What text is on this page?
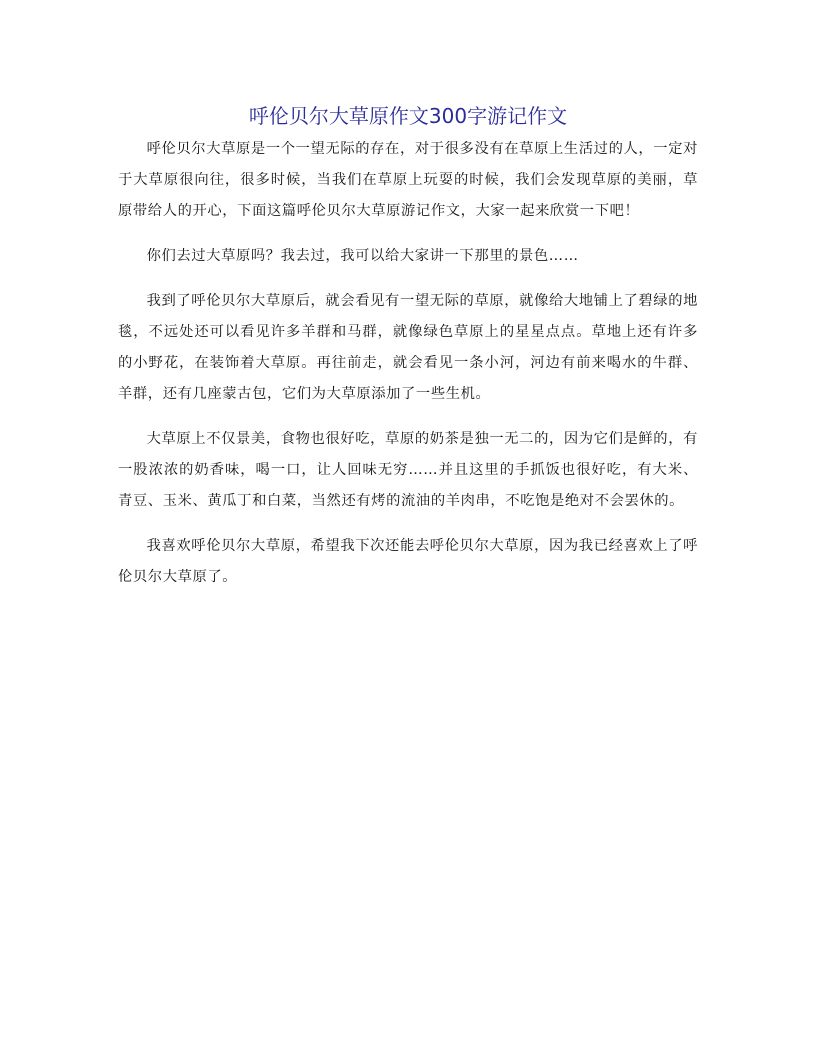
呼伦贝尔大草原作文300字游记作文

呼伦贝尔大草原是一个一望无际的存在，对于很多没有在草原上生活过的人，一定对于大草原很向往，很多时候，当我们在草原上玩耍的时候，我们会发现草原的美丽，草原带给人的开心，下面这篇呼伦贝尔大草原游记作文，大家一起来欣赏一下吧！

你们去过大草原吗？我去过，我可以给大家讲一下那里的景色……

我到了呼伦贝尔大草原后，就会看见有一望无际的草原，就像给大地铺上了碧绿的地毯，不远处还可以看见许多羊群和马群，就像绿色草原上的星星点点。草地上还有许多的小野花，在装饰着大草原。再往前走，就会看见一条小河，河边有前来喝水的牛群、羊群，还有几座蒙古包，它们为大草原添加了一些生机。

大草原上不仅景美，食物也很好吃，草原的奶茶是独一无二的，因为它们是鲜的，有一股浓浓的奶香味，喝一口，让人回味无穷……并且这里的手抓饭也很好吃，有大米、青豆、玉米、黄瓜丁和白菜，当然还有烤的流油的羊肉串，不吃饱是绝对不会罢休的。

我喜欢呼伦贝尔大草原，希望我下次还能去呼伦贝尔大草原，因为我已经喜欢上了呼伦贝尔大草原了。
